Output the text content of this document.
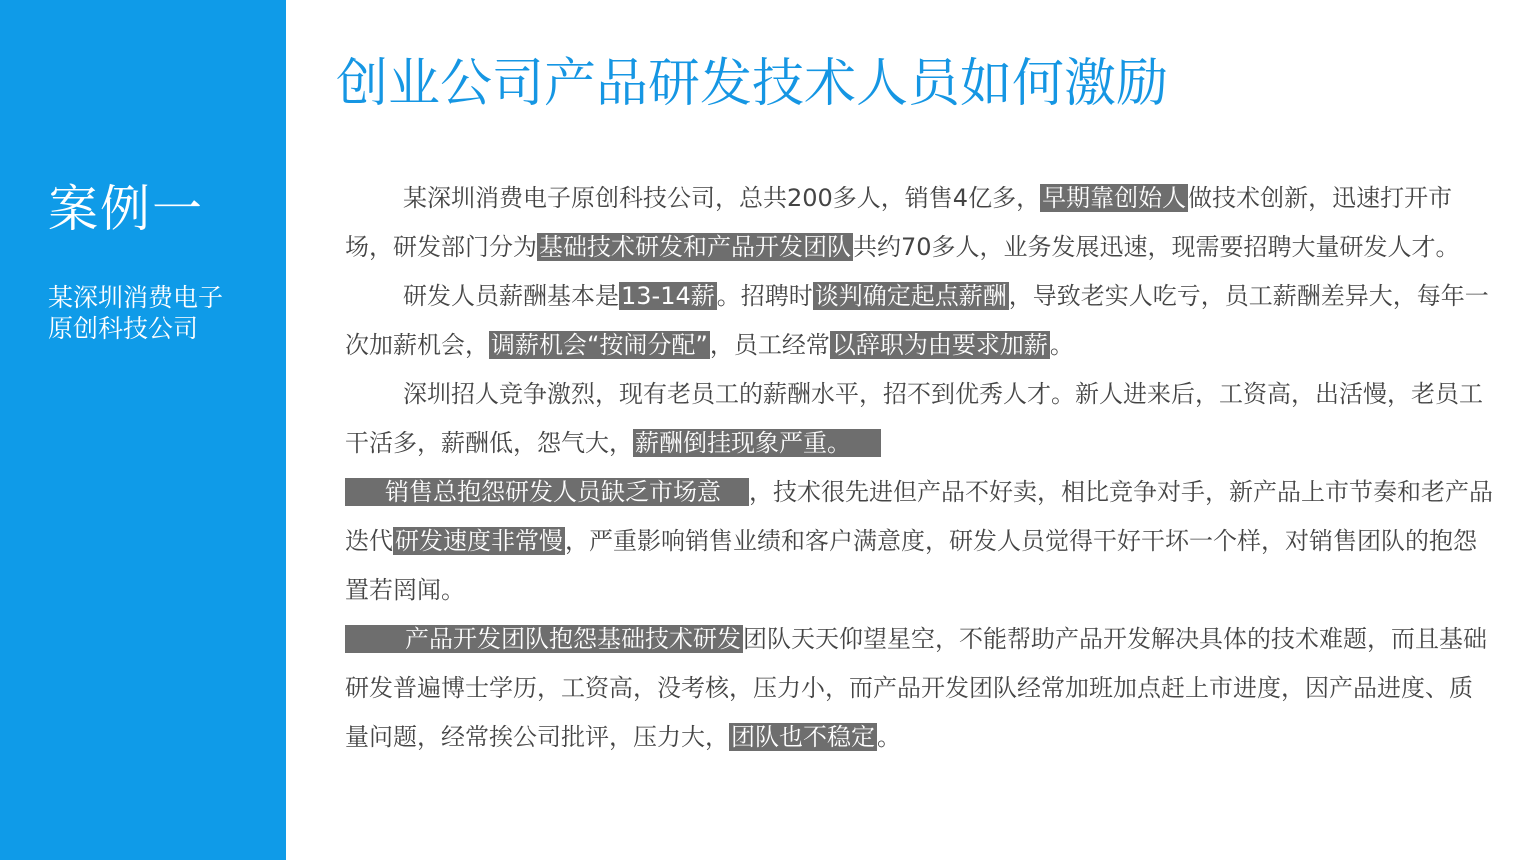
案例一
某深圳消费电子
原创科技公司
创业公司产品研发技术人员如何激励

某深圳消费电子原创科技公司，总共200多人，销售4亿多，早期靠创始人做技术创新，迅速打开市场，研发部门分为基础技术研发和产品开发团队共约70多人，业务发展迅速，现需要招聘大量研发人才。

研发人员薪酬基本是13-14薪。招聘时谈判确定起点薪酬，导致老实人吃亏，员工薪酬差异大，每年一次加薪机会，调薪机会“按闹分配”，员工经常以辞职为由要求加薪。

深圳招人竞争激烈，现有老员工的薪酬水平，招不到优秀人才。新人进来后，工资高，出活慢，老员工干活多，薪酬低，怨气大，薪酬倒挂现象严重。

销售总抱怨研发人员缺乏市场意 ，技术很先进但产品不好卖，相比竞争对手，新产品上市节奏和老产品迭代研发速度非常慢，严重影响销售业绩和客户满意度，研发人员觉得干好干坏一个样，对销售团队的抱怨置若罔闻。

产品开发团队抱怨基础技术研发团队天天仰望星空，不能帮助产品开发解决具体的技术难题，而且基础研发普遍博士学历，工资高，没考核，压力小，而产品开发团队经常加班加点赶上市进度，因产品进度、质量问题，经常挨公司批评，压力大，团队也不稳定。
